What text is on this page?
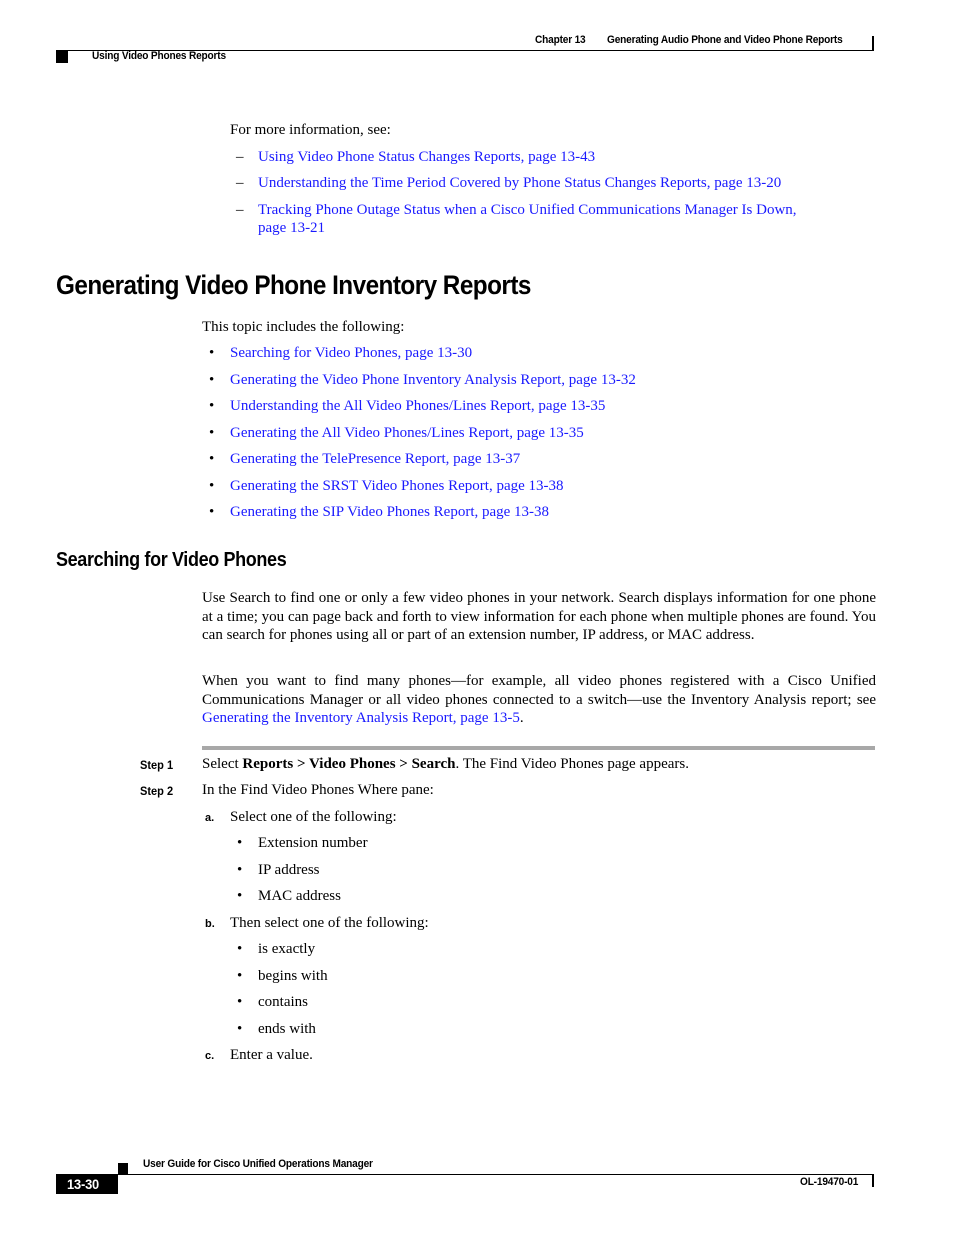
Chapter 13 Generating Audio Phone and Video Phone Reports
Using Video Phones Reports
For more information, see:
– Using Video Phone Status Changes Reports, page 13-43
– Understanding the Time Period Covered by Phone Status Changes Reports, page 13-20
– Tracking Phone Outage Status when a Cisco Unified Communications Manager Is Down,
page 13-21
Generating Video Phone Inventory Reports
This topic includes the following:
• Searching for Video Phones, page 13-30
• Generating the Video Phone Inventory Analysis Report, page 13-32
• Understanding the All Video Phones/Lines Report, page 13-35
• Generating the All Video Phones/Lines Report, page 13-35
• Generating the TelePresence Report, page 13-37
• Generating the SRST Video Phones Report, page 13-38
• Generating the SIP Video Phones Report, page 13-38
Searching for Video Phones
Use Search to find one or only a few video phones in your network. Search displays information for one phone at a time; you can page back and forth to view information for each phone when multiple phones are found. You can search for phones using all or part of an extension number, IP address, or MAC address.
When you want to find many phones—for example, all video phones registered with a Cisco Unified Communications Manager or all video phones connected to a switch—use the Inventory Analysis report; see Generating the Inventory Analysis Report, page 13-5.
Step 1 Select Reports > Video Phones > Search. The Find Video Phones page appears.
Step 2 In the Find Video Phones Where pane:
a. Select one of the following:
• Extension number
• IP address
• MAC address
b. Then select one of the following:
• is exactly
• begins with
• contains
• ends with
c. Enter a value.
User Guide for Cisco Unified Operations Manager
13-30	OL-19470-01
